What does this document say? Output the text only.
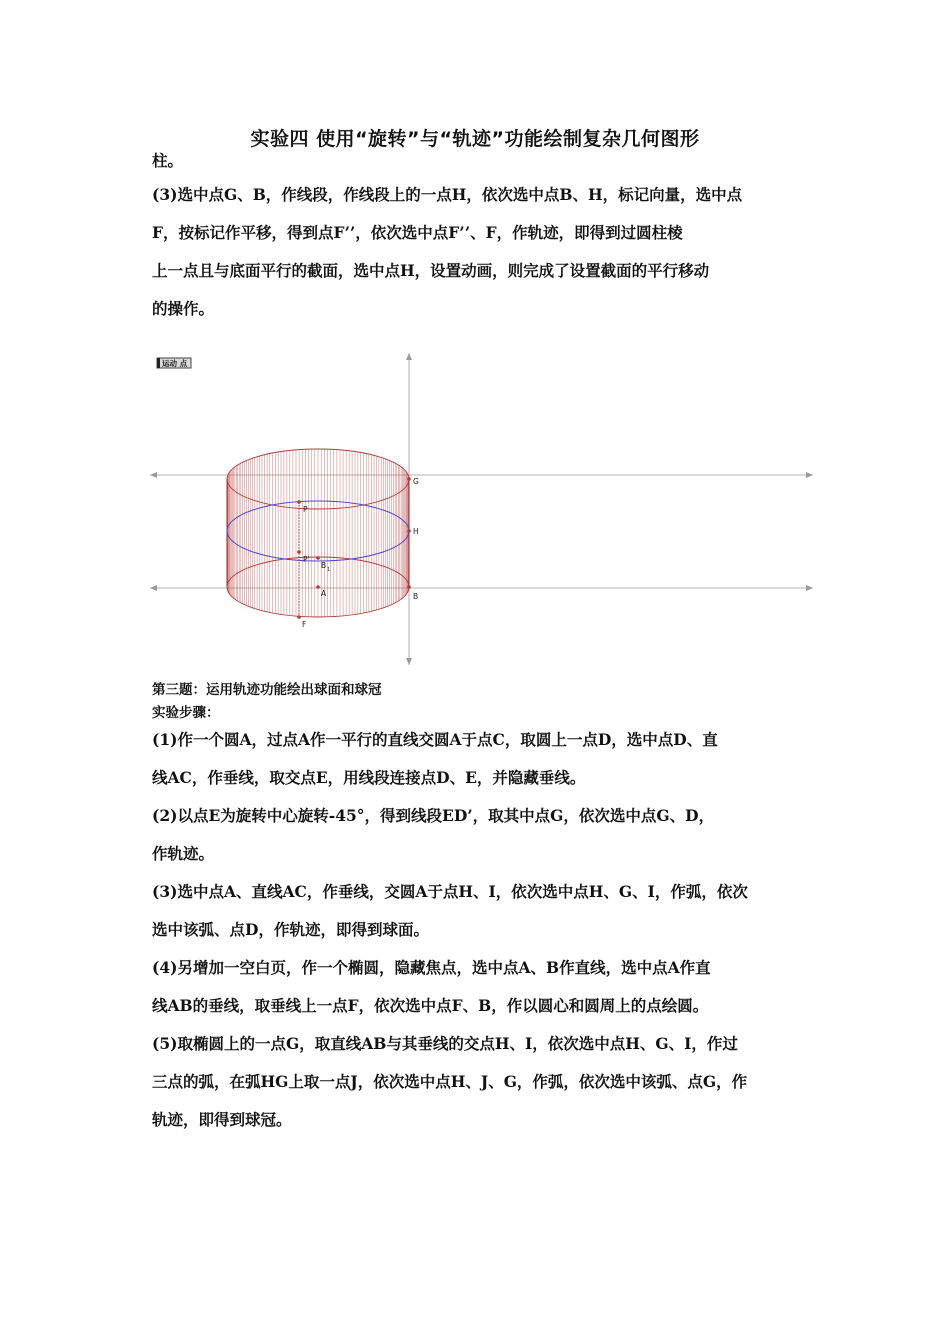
实验四 使用“旋转”与“轨迹”功能绘制复杂几何图形
柱。
(3)选中点G、B，作线段，作线段上的一点H，依次选中点B、H，标记向量，选中点
F，按标记作平移，得到点F’’，依次选中点F’’、F，作轨迹，即得到过圆柱棱
上一点且与底面平行的截面，选中点H，设置动画，则完成了设置截面的平行移动
的操作。
运动 点
G
H
B
P
P'
B 1
A
F
第三题：运用轨迹功能绘出球面和球冠
实验步骤：
(1)作一个圆A，过点A作一平行的直线交圆A于点C，取圆上一点D，选中点D、直
线AC，作垂线，取交点E，用线段连接点D、E，并隐藏垂线。
(2)以点E为旋转中心旋转-45°，得到线段ED’，取其中点G，依次选中点G、D，
作轨迹。
(3)选中点A、直线AC，作垂线，交圆A于点H、I，依次选中点H、G、I，作弧，依次
选中该弧、点D，作轨迹，即得到球面。
(4)另增加一空白页，作一个椭圆，隐藏焦点，选中点A、B作直线，选中点A作直
线AB的垂线，取垂线上一点F，依次选中点F、B，作以圆心和圆周上的点绘圆。
(5)取椭圆上的一点G，取直线AB与其垂线的交点H、I，依次选中点H、G、I，作过
三点的弧，在弧HG上取一点J，依次选中点H、J、G，作弧，依次选中该弧、点G，作
轨迹，即得到球冠。
